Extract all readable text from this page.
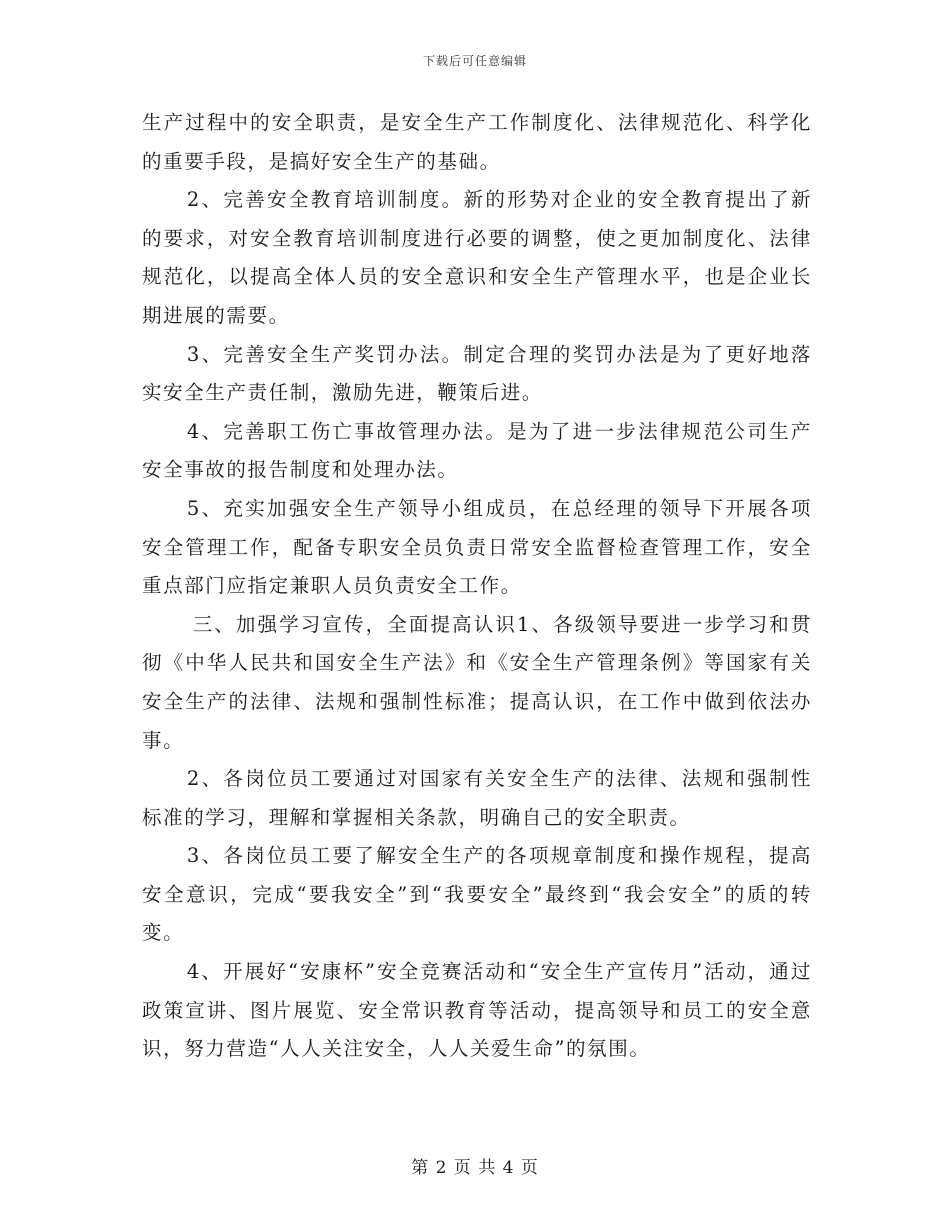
下载后可任意编辑

生产过程中的安全职责，是安全生产工作制度化、法律规范化、科学化的重要手段，是搞好安全生产的基础。

2、完善安全教育培训制度。新的形势对企业的安全教育提出了新的要求，对安全教育培训制度进行必要的调整，使之更加制度化、法律规范化，以提高全体人员的安全意识和安全生产管理水平，也是企业长期进展的需要。

3、完善安全生产奖罚办法。制定合理的奖罚办法是为了更好地落实安全生产责任制，激励先进，鞭策后进。

4、完善职工伤亡事故管理办法。是为了进一步法律规范公司生产安全事故的报告制度和处理办法。

5、充实加强安全生产领导小组成员，在总经理的领导下开展各项安全管理工作，配备专职安全员负责日常安全监督检查管理工作，安全重点部门应指定兼职人员负责安全工作。

三、加强学习宣传，全面提高认识1、各级领导要进一步学习和贯彻《中华人民共和国安全生产法》和《安全生产管理条例》等国家有关安全生产的法律、法规和强制性标准；提高认识，在工作中做到依法办事。

2、各岗位员工要通过对国家有关安全生产的法律、法规和强制性标准的学习，理解和掌握相关条款，明确自己的安全职责。

3、各岗位员工要了解安全生产的各项规章制度和操作规程，提高安全意识，完成“要我安全”到“我要安全”最终到“我会安全”的质的转变。

4、开展好“安康杯”安全竞赛活动和“安全生产宣传月”活动，通过政策宣讲、图片展览、安全常识教育等活动，提高领导和员工的安全意识，努力营造“人人关注安全，人人关爱生命”的氛围。

第 2 页 共 4 页
